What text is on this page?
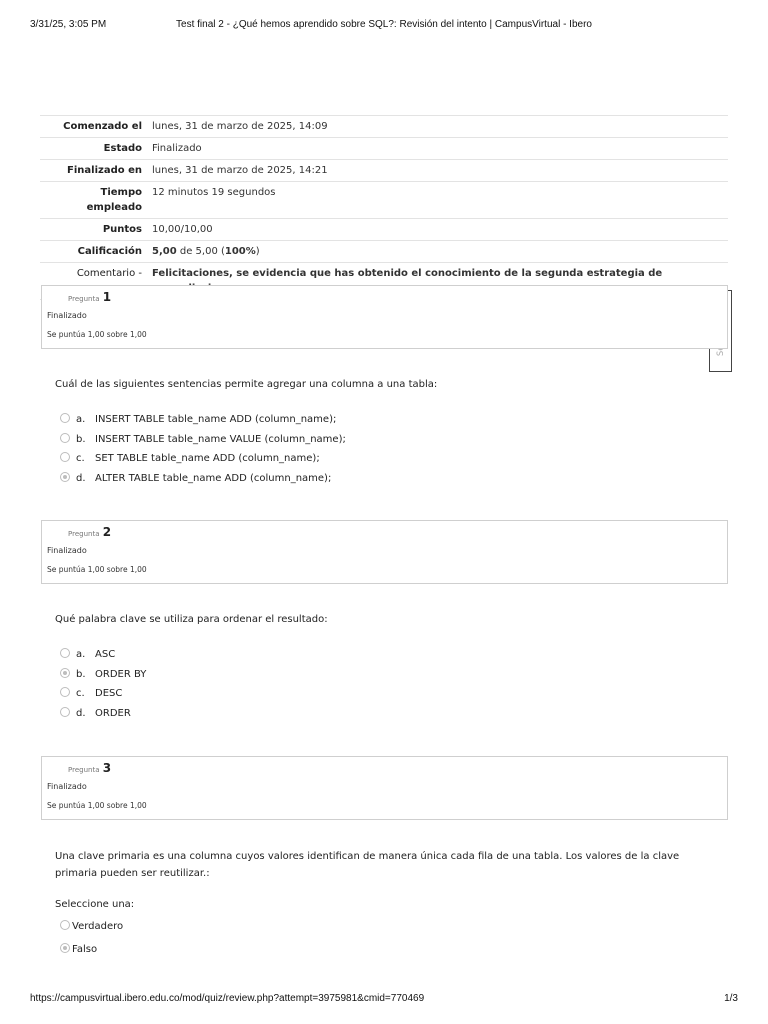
3/31/25, 3:05 PM	Test final 2 - ¿Qué hemos aprendido sobre SQL?: Revisión del intento | CampusVirtual - Ibero
Comenzado el	lunes, 31 de marzo de 2025, 14:09
Estado	Finalizado
Finalizado en	lunes, 31 de marzo de 2025, 14:21
Tiempo
empleado	12 minutos 19 segundos
Puntos	10,00/10,00
Calificación	5,00 de 5,00 (100%)
Comentario -	Felicitaciones, se evidencia que has obtenido el conocimiento de la segunda estrategia de
Pregunta 1
Finalizado
Se puntúa 1,00 sobre 1,00
Cuál de las siguientes sentencias permite agregar una columna a una tabla:
a. INSERT TABLE table_name ADD (column_name);
b. INSERT TABLE table_name VALUE (column_name);
c. SET TABLE table_name ADD (column_name);
d. ALTER TABLE table_name ADD (column_name);
Pregunta 2
Finalizado
Se puntúa 1,00 sobre 1,00
Qué palabra clave se utiliza para ordenar el resultado:
a. ASC
b. ORDER BY
c. DESC
d. ORDER
Pregunta 3
Finalizado
Se puntúa 1,00 sobre 1,00
Una clave primaria es una columna cuyos valores identifican de manera única cada fila de una tabla. Los valores de la clave primaria pueden ser reutilizar.:
Seleccione una:
Verdadero
Falso
https://campusvirtual.ibero.edu.co/mod/quiz/review.php?attempt=3975981&cmid=770469	1/3
